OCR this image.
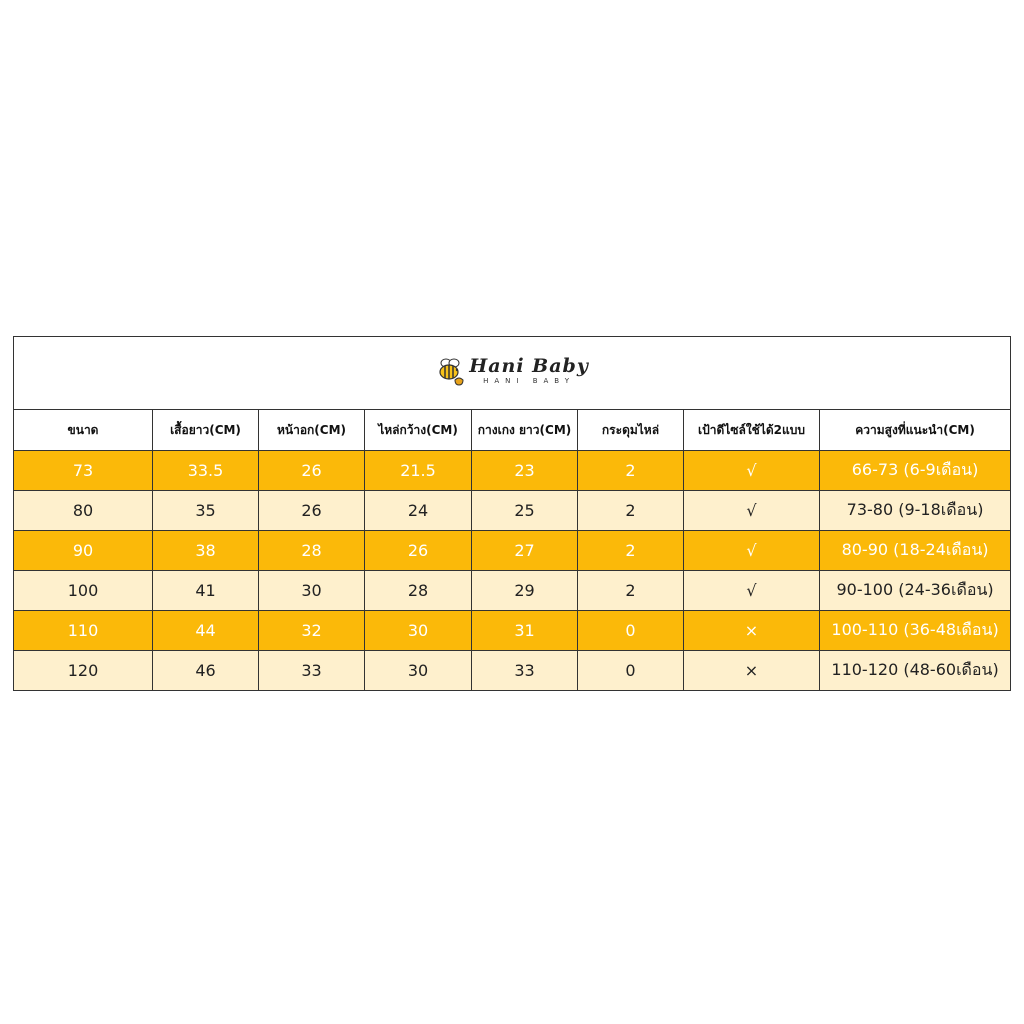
Hani Baby
HANI BABY							

ขนาด	เสื้อยาว(CM)	หน้าอก(CM)	ไหล่กว้าง(CM)	กางเกง ยาว(CM)	กระดุมไหล่	เป้าดีไซล์ใช้ได้2แบบ	ความสูงที่แนะนำ(CM)
73	33.5	26	21.5	23	2	√	66-73 (6-9เดือน)
80	35	26	24	25	2	√	73-80 (9-18เดือน)
90	38	28	26	27	2	√	80-90 (18-24เดือน)
100	41	30	28	29	2	√	90-100 (24-36เดือน)
110	44	32	30	31	0	×	100-110 (36-48เดือน)
120	46	33	30	33	0	×	110-120 (48-60เดือน)
